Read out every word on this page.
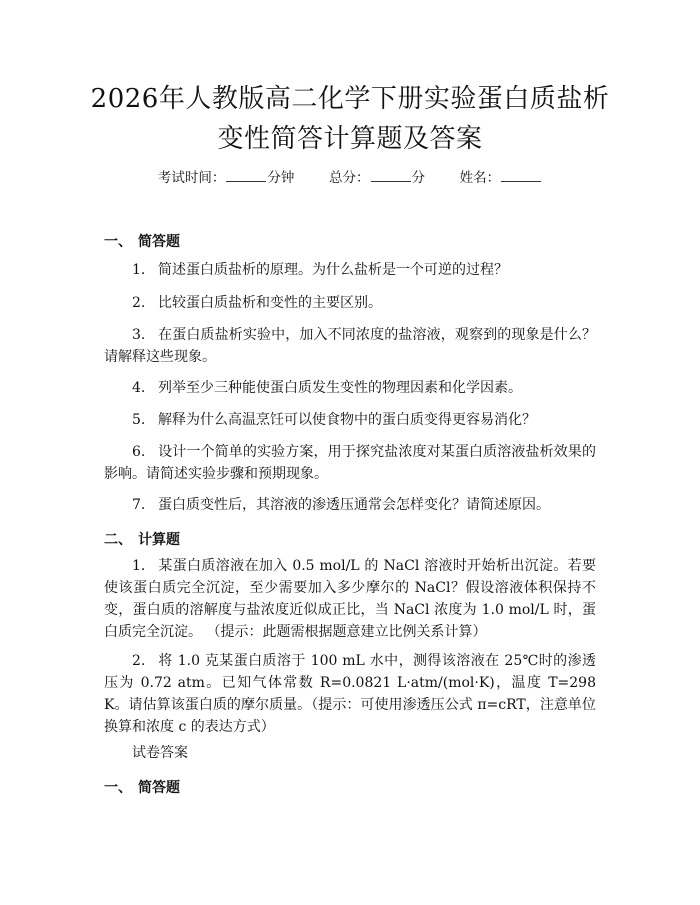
2026年人教版高二化学下册实验蛋白质盐析
变性简答计算题及答案
考试时间：	分钟	总分：	分	姓名：
一、 简答题
1. 简述蛋白质盐析的原理。为什么盐析是一个可逆的过程？
2. 比较蛋白质盐析和变性的主要区别。
3. 在蛋白质盐析实验中，加入不同浓度的盐溶液，观察到的现象是什么？请解释这些现象。
4. 列举至少三种能使蛋白质发生变性的物理因素和化学因素。
5. 解释为什么高温烹饪可以使食物中的蛋白质变得更容易消化？
6. 设计一个简单的实验方案，用于探究盐浓度对某蛋白质溶液盐析效果的影响。请简述实验步骤和预期现象。
7. 蛋白质变性后，其溶液的渗透压通常会怎样变化？请简述原因。
二、 计算题
1. 某蛋白质溶液在加入 0.5 mol/L 的 NaCl 溶液时开始析出沉淀。若要使该蛋白质完全沉淀，至少需要加入多少摩尔的 NaCl？假设溶液体积保持不变，蛋白质的溶解度与盐浓度近似成正比，当 NaCl 浓度为 1.0 mol/L 时，蛋白质完全沉淀。 （提示：此题需根据题意建立比例关系计算）
2. 将 1.0 克某蛋白质溶于 100 mL 水中，测得该溶液在 25℃时的渗透压为 0.72 atm。已知气体常数 R=0.0821 L·atm/(mol·K)，温度 T=298 K。请估算该蛋白质的摩尔质量。（提示：可使用渗透压公式 π=cRT，注意单位换算和浓度 c 的表达方式）
试卷答案
一、 简答题
